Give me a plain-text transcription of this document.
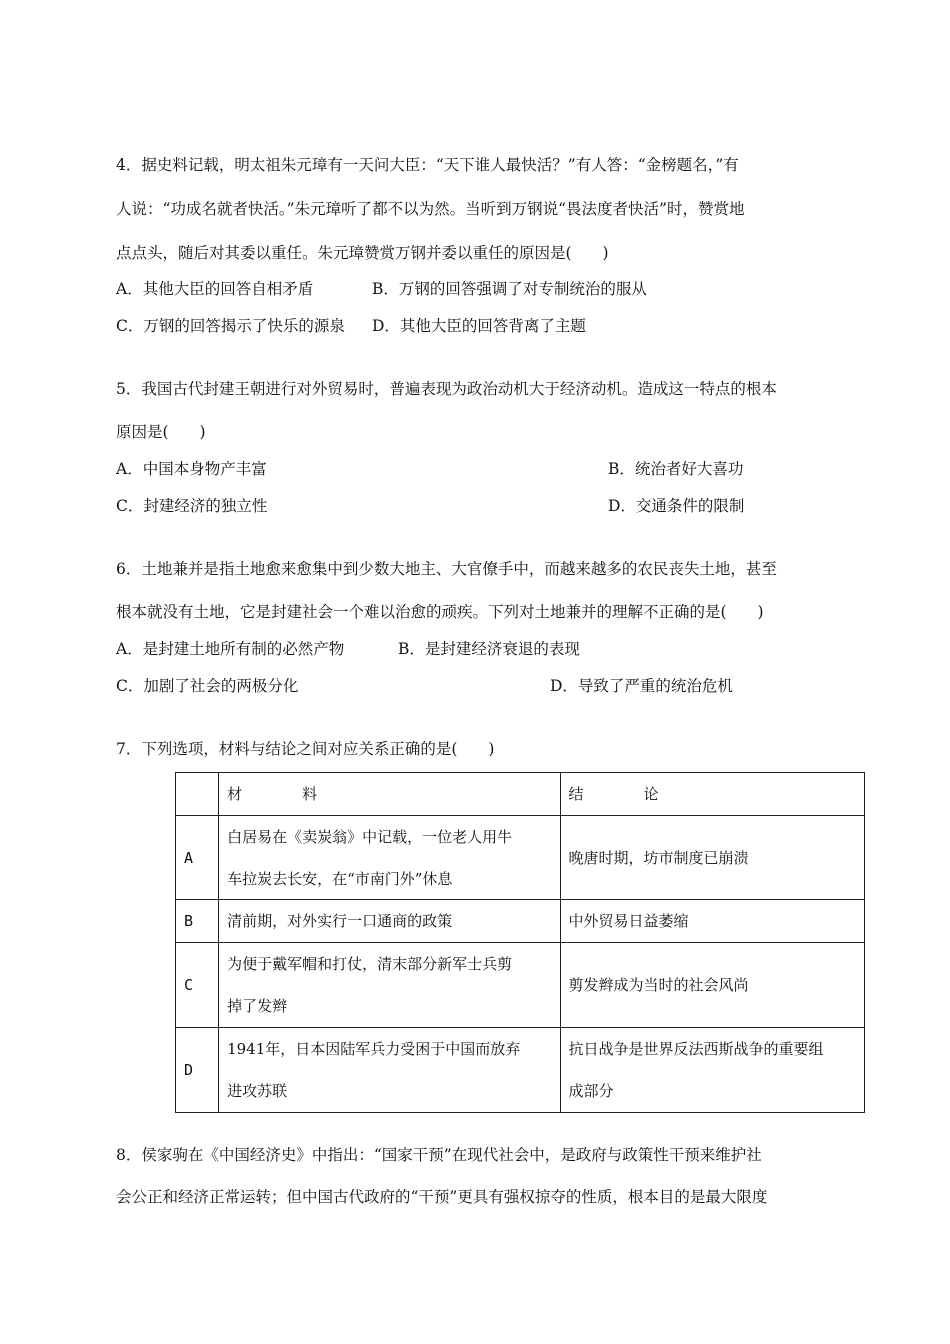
4．据史料记载，明太祖朱元璋有一天问大臣：“天下谁人最快活？”有人答：“金榜题名，”有
人说：“功成名就者快活。”朱元璋听了都不以为然。当听到万钢说“畏法度者快活”时，赞赏地
点点头，随后对其委以重任。朱元璋赞赏万钢并委以重任的原因是(　　)
A．其他大臣的回答自相矛盾	B．万钢的回答强调了对专制统治的服从
C．万钢的回答揭示了快乐的源泉 D．其他大臣的回答背离了主题
5．我国古代封建王朝进行对外贸易时，普遍表现为政治动机大于经济动机。造成这一特点的根本
原因是(　　)
A．中国本身物产丰富	B．统治者好大喜功
C．封建经济的独立性	D．交通条件的限制
6．土地兼并是指土地愈来愈集中到少数大地主、大官僚手中，而越来越多的农民丧失土地，甚至
根本就没有土地，它是封建社会一个难以治愈的顽疾。下列对土地兼并的理解不正确的是(　　)
A．是封建土地所有制的必然产物	B．是封建经济衰退的表现
C．加剧了社会的两极分化	D．导致了严重的统治危机
7．下列选项，材料与结论之间对应关系正确的是(　　)
	材　　　　料	结　　　　论
A	白居易在《卖炭翁》中记载，一位老人用牛
车拉炭去长安，在“市南门外”休息	晚唐时期，坊市制度已崩溃
B	清前期，对外实行一口通商的政策	中外贸易日益萎缩
C	为便于戴军帽和打仗，清末部分新军士兵剪
掉了发辫	剪发辫成为当时的社会风尚
D	1941年，日本因陆军兵力受困于中国而放弃
进攻苏联	抗日战争是世界反法西斯战争的重要组
成部分
8．侯家驹在《中国经济史》中指出：“国家干预”在现代社会中，是政府与政策性干预来维护社
会公正和经济正常运转；但中国古代政府的“干预”更具有强权掠夺的性质，根本目的是最大限度
